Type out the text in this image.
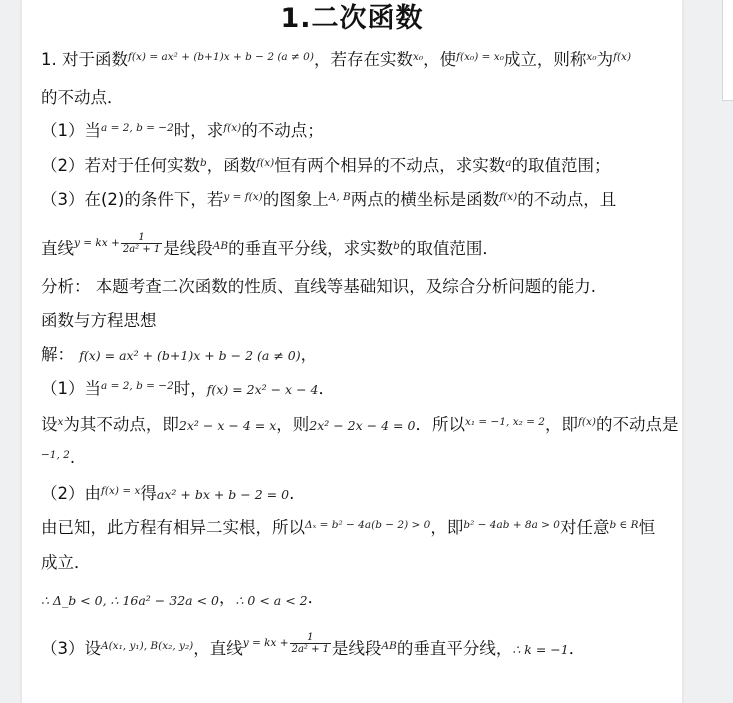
1.二次函数
1. 对于函数$^{f(x) = ax^2 + (b+1)x + b - 2 (a \ne 0)}$，若存在实数$^{x_0}$，使$^{f(x_0) = x_0}$成立，则称$^{x_0}$为$^{f(x)}$
的不动点．
（1）当$^{a = 2, b = -2}$时，求$^{f(x)}$的不动点；
（2）若对于任何实数$^b$，函数$^{f(x)}$恒有两个相异的不动点，求实数$^a$的取值范围；
（3）在(2)的条件下，若$^{y = f(x)}$的图象上$^{A, B}$两点的横坐标是函数$^{f(x)}$的不动点，且
直线$^{y = kx +} \frac{1}{\text{2a² + 1}}$ 是线段$^{AB}$的垂直平分线，求实数$^b$的取值范围．
分析： 本题考查二次函数的性质、直线等基础知识，及综合分析问题的能力.
函数与方程思想
解： f(x) = ax² + (b+1)x + b − 2 (a ≠ 0)，
（1）当$^{a = 2, b = -2}$时，f(x) = 2x² − x − 4．
设$^x$为其不动点，即2x² − x − 4 = x，则2x² − 2x − 4 = 0．所以$^{x_1 = -1, x_2 = 2}$，即$^{f(x)}$的不动点是
$^{-1, 2}$.
（2）由$^{f(x) = x}$得ax² + bx + b − 2 = 0.
由已知，此方程有相异二实根，所以$^{\Delta_x = b^2 - 4a(b - 2) > 0}$，即$^{b^2 - 4ab + 8a > 0}$对任意$^{b \in R}$恒
成立．
∴ Δ_b < 0, ∴ 16a² − 32a < 0，∴ 0 < a < 2．
（3）设$^{A(x_1, y_1), B(x_2, y_2)}$，直线$^{y = kx +} \frac{1}{\text{2a² + 1}}$ 是线段$^{AB}$的垂直平分线，∴ k = −1．
